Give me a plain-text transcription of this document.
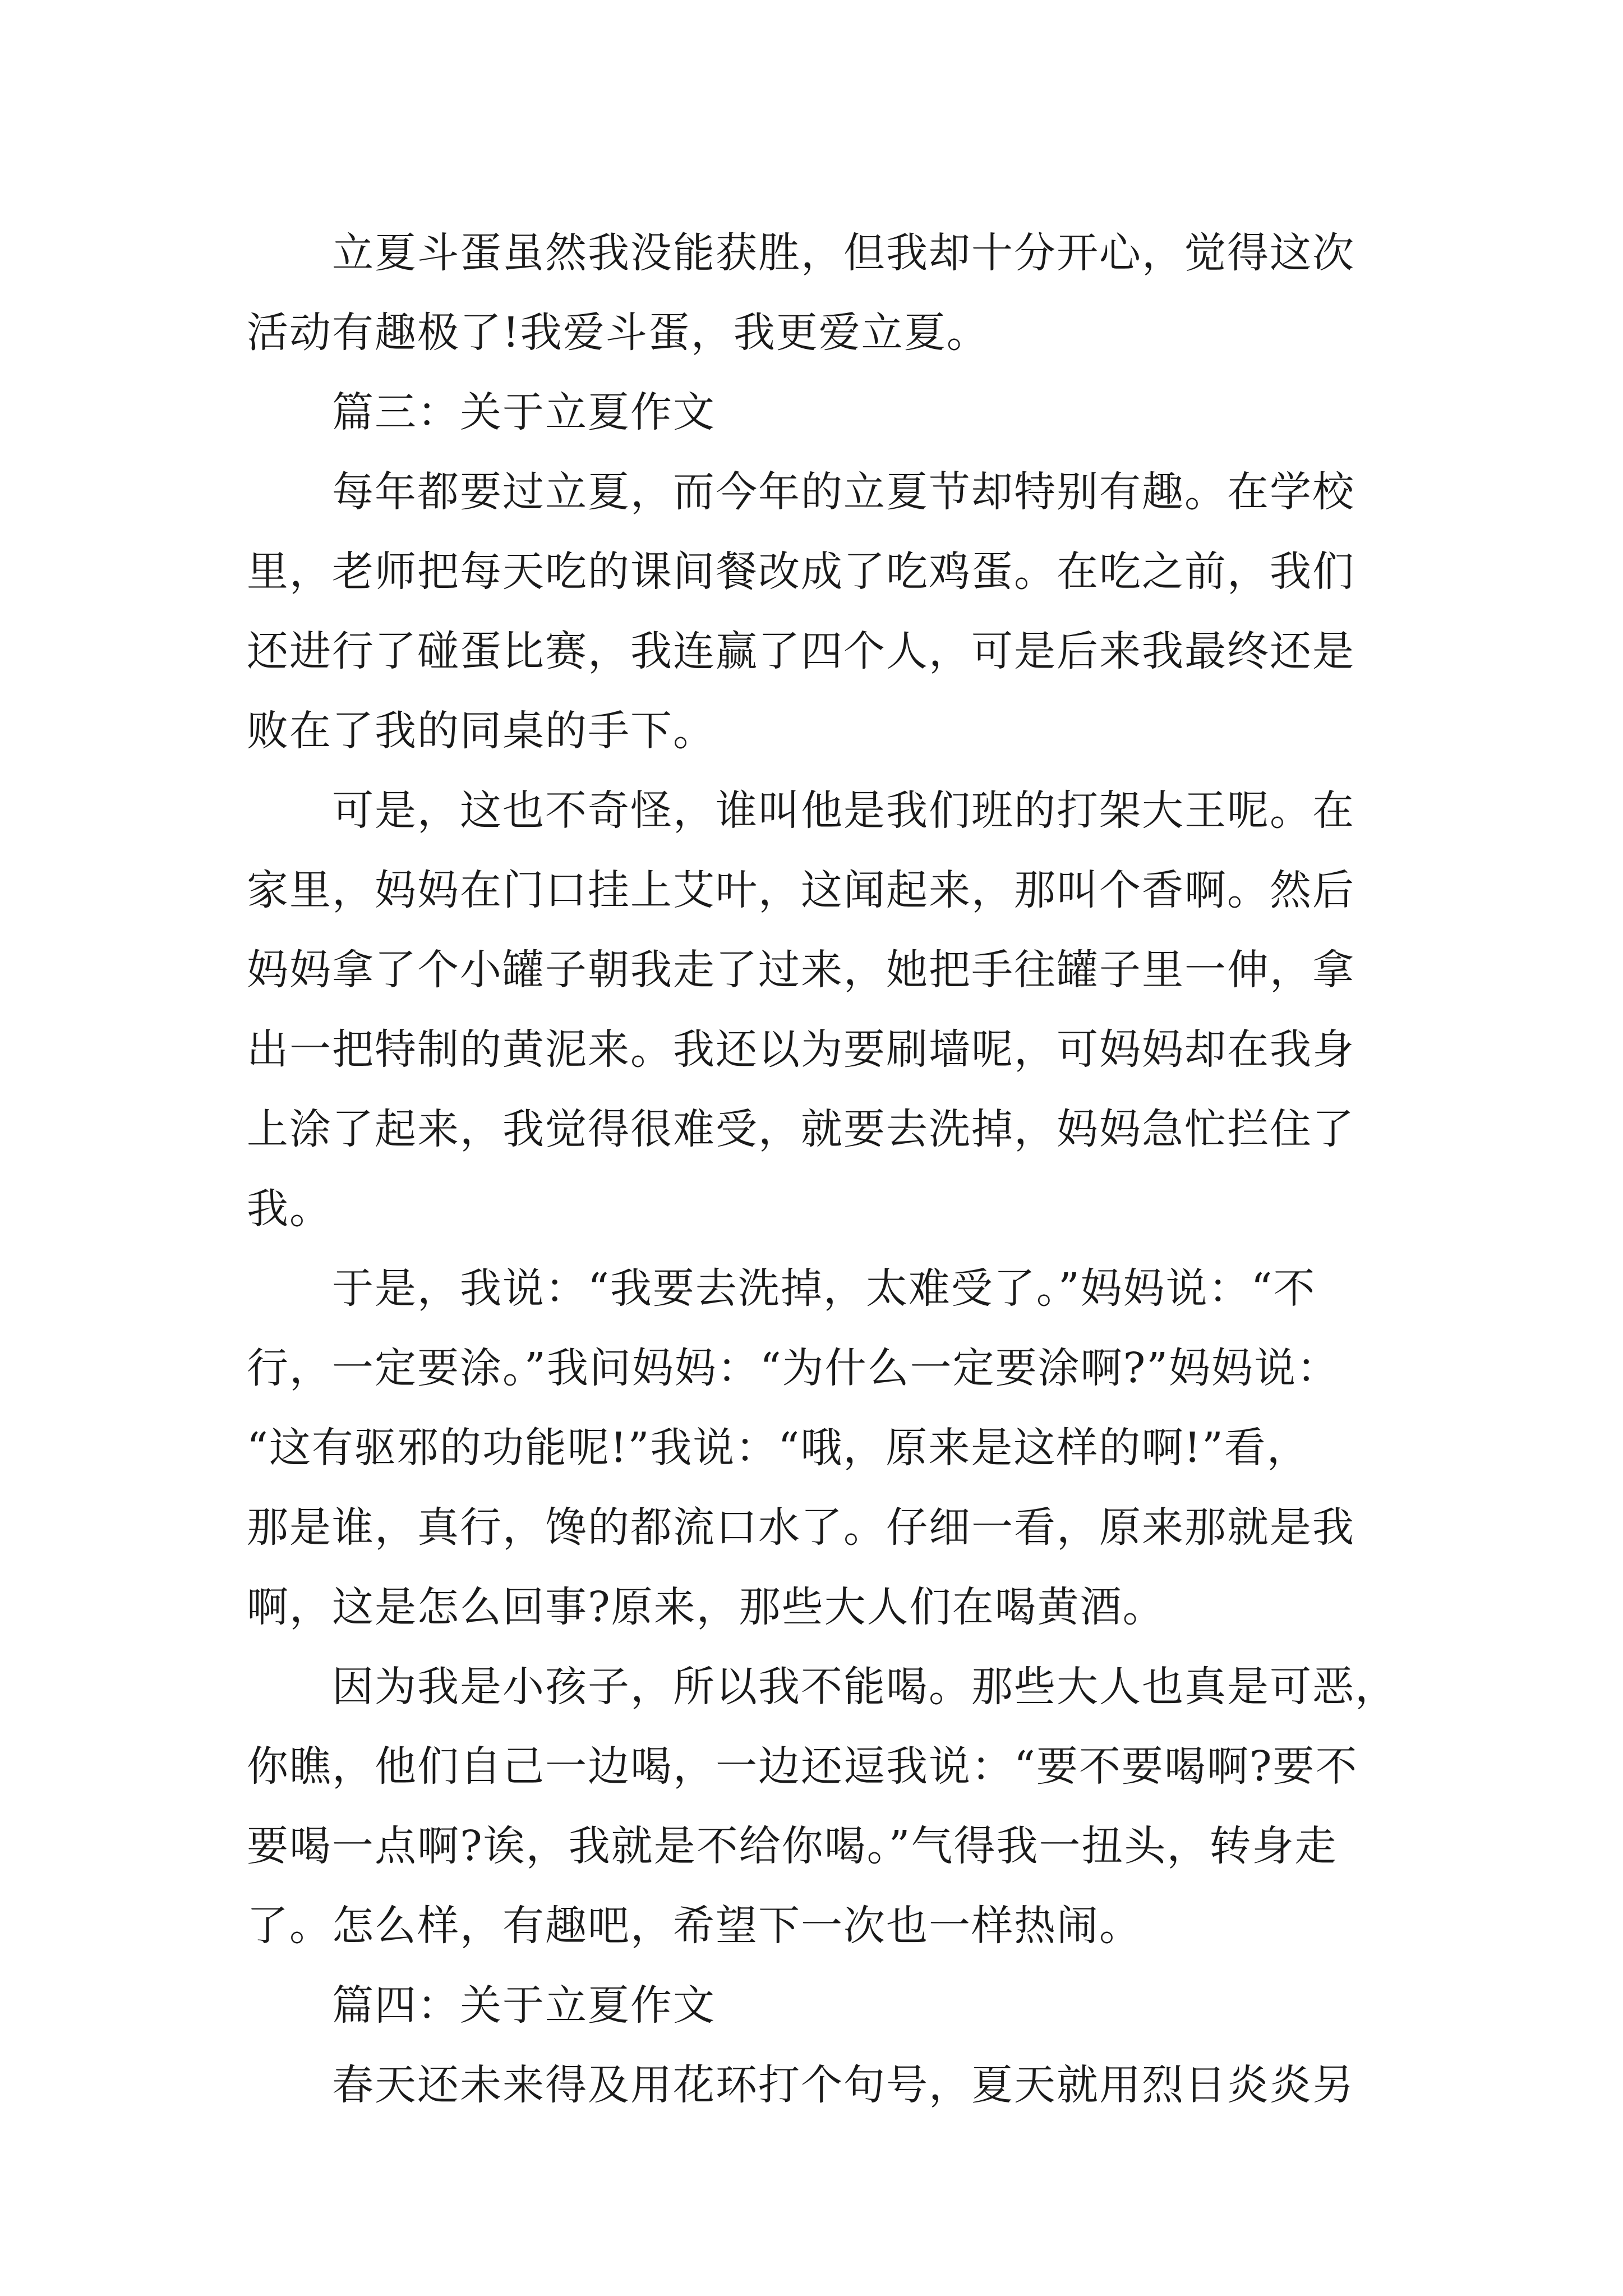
　　立夏斗蛋虽然我没能获胜，但我却十分开心，觉得这次
活动有趣极了!我爱斗蛋，我更爱立夏。
　　篇三：关于立夏作文
　　每年都要过立夏，而今年的立夏节却特别有趣。在学校
里，老师把每天吃的课间餐改成了吃鸡蛋。在吃之前，我们
还进行了碰蛋比赛，我连赢了四个人，可是后来我最终还是
败在了我的同桌的手下。
　　可是，这也不奇怪，谁叫他是我们班的打架大王呢。在
家里，妈妈在门口挂上艾叶，这闻起来，那叫个香啊。然后
妈妈拿了个小罐子朝我走了过来，她把手往罐子里一伸，拿
出一把特制的黄泥来。我还以为要刷墙呢，可妈妈却在我身
上涂了起来，我觉得很难受，就要去洗掉，妈妈急忙拦住了
我。
　　于是，我说：“我要去洗掉，太难受了。”妈妈说：“不
行，一定要涂。”我问妈妈：“为什么一定要涂啊?”妈妈说：
“这有驱邪的功能呢!”我说：“哦，原来是这样的啊!”看，
那是谁，真行，馋的都流口水了。仔细一看，原来那就是我
啊，这是怎么回事?原来，那些大人们在喝黄酒。
　　因为我是小孩子，所以我不能喝。那些大人也真是可恶，
你瞧，他们自己一边喝，一边还逗我说：“要不要喝啊?要不
要喝一点啊?诶，我就是不给你喝。”气得我一扭头，转身走
了。怎么样，有趣吧，希望下一次也一样热闹。
　　篇四：关于立夏作文
　　春天还未来得及用花环打个句号，夏天就用烈日炎炎另
